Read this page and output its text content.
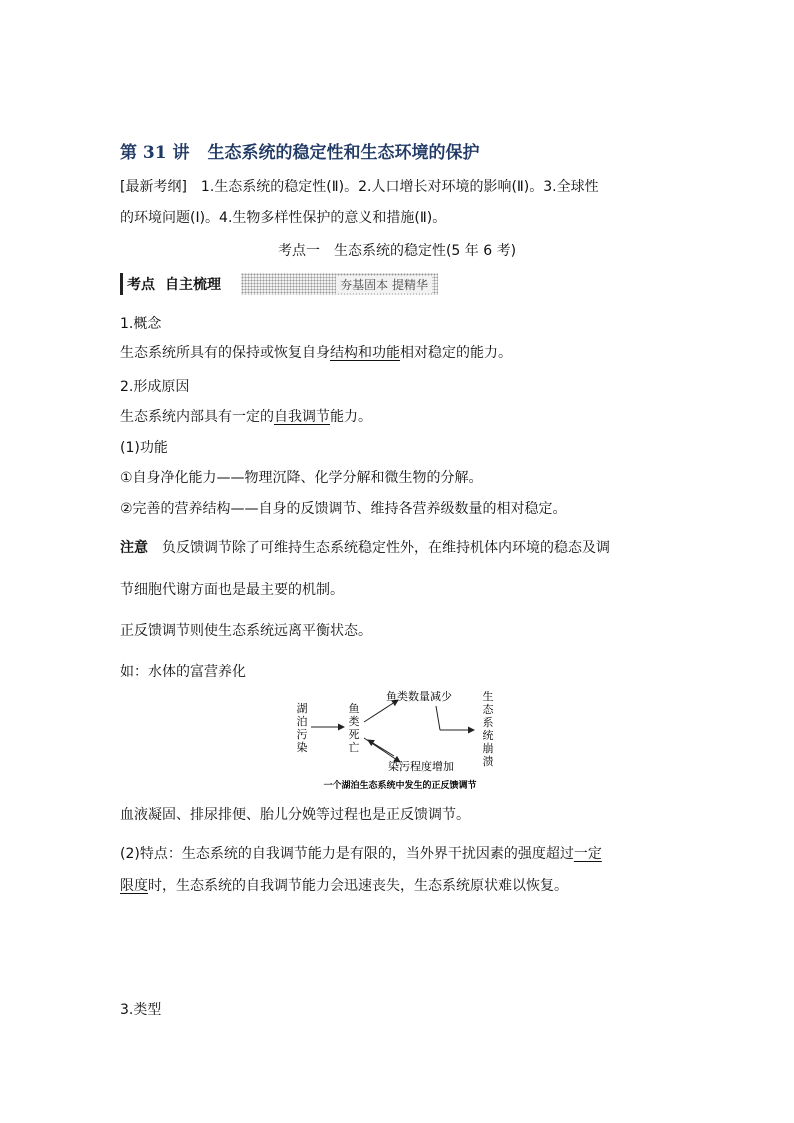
第 31 讲 生态系统的稳定性和生态环境的保护
[最新考纲]　1.生态系统的稳定性(Ⅱ)。2.人口增长对环境的影响(Ⅱ)。3.全球性
的环境问题(Ⅰ)。4.生物多样性保护的意义和措施(Ⅱ)。
考点一　生态系统的稳定性(5 年 6 考)
考点 自主梳理	夯基固本 提精华
1.概念
生态系统所具有的保持或恢复自身结构和功能相对稳定的能力。
2.形成原因
生态系统内部具有一定的自我调节能力。
(1)功能
①自身净化能力——物理沉降、化学分解和微生物的分解。
②完善的营养结构——自身的反馈调节、维持各营养级数量的相对稳定。
注意　 负反馈调节除了可维持生态系统稳定性外，在维持机体内环境的稳态及调
节细胞代谢方面也是最主要的机制。
正反馈调节则使生态系统远离平衡状态。
如：水体的富营养化
湖
泊
污
染
鱼
类
死
亡
鱼类数量减少
染污程度增加
生
态
系
统
崩
溃
一个湖泊生态系统中发生的正反馈调节
血液凝固、排尿排便、胎儿分娩等过程也是正反馈调节。
(2)特点：生态系统的自我调节能力是有限的，当外界干扰因素的强度超过一定
限度时，生态系统的自我调节能力会迅速丧失，生态系统原状难以恢复。
3.类型
